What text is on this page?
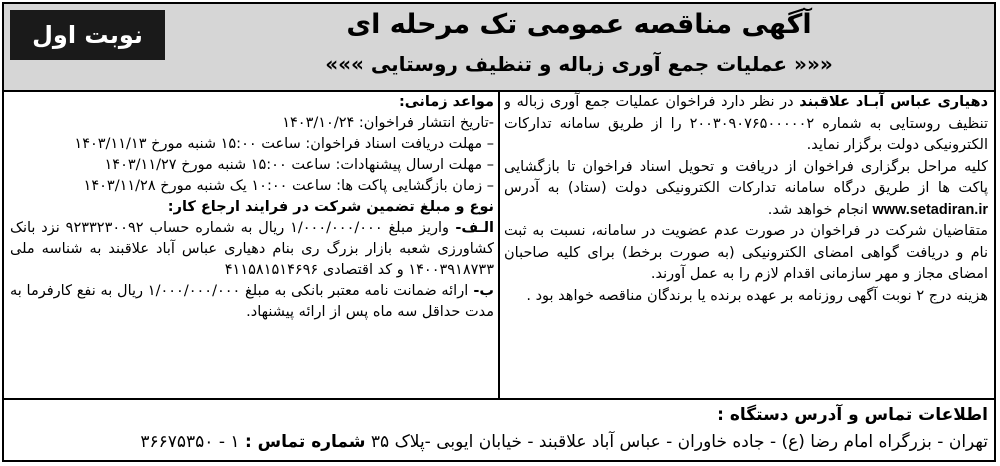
نوبت اول	آگهی مناقصه عمومی تک مرحله ای
««« عملیات جمع آوری زباله و تنظیف روستایی »»»

دهیاری عباس آبـاد علاقبند در نظر دارد فراخوان عملیات جمع آوری زباله و تنظیف روستایی به شماره ۲۰۰۳۰۹۰۷۶۵۰۰۰۰۰۲ را از طریق سامانه تدارکات الکترونیکی دولت برگزار نماید.

کلیه مراحل برگزاری فراخوان از دریافت و تحویل اسناد فراخوان تا بازگشایی پاکت ها از طریق درگاه سامانه تدارکات الکترونیکی دولت (ستاد) به آدرس www.setadiran.ir انجام خواهد شد.

متقاضیان شرکت در فراخوان در صورت عدم عضویت در سامانه، نسبت به ثبت نام و دریافت گواهی امضای الکترونیکی (به صورت برخط) برای کلیه صاحبان امضای مجاز و مهر سازمانی اقدام لازم را به عمل آورند.

هزینه درج ۲ نوبت آگهی روزنامه بر عهده برنده یا برندگان مناقصه خواهد بود .

مواعد زمانی:

-تاریخ انتشار فراخوان: ۱۴۰۳/۱۰/۲۴

– مهلت دریافت اسناد فراخوان: ساعت ۱۵:۰۰ شنبه مورخ ۱۴۰۳/۱۱/۱۳

– مهلت ارسال پیشنهادات: ساعت ۱۵:۰۰ شنبه مورخ ۱۴۰۳/۱۱/۲۷

– زمان بازگشایی پاکت ها: ساعت ۱۰:۰۰ یک شنبه مورخ ۱۴۰۳/۱۱/۲۸

نوع و مبلغ تضمین شرکت در فرایند ارجاع کار:

الـف- واریز مبلغ ۱/۰۰۰/۰۰۰/۰۰۰ ریال به شماره حساب ۹۲۳۳۲۳۰۰۹۲ نزد بانک کشاورزی شعبه بازار بزرگ ری بنام دهیاری عباس آباد علاقبند به شناسه ملی ۱۴۰۰۳۹۱۸۷۳۳ و کد اقتصادی ۴۱۱۵۸۱۵۱۴۶۹۶

ب- ارائه ضمانت نامه معتبر بانکی به مبلغ ۱/۰۰۰/۰۰۰/۰۰۰ ریال به نفع کارفرما به مدت حداقل سه ماه پس از ارائه پیشنهاد.

اطلاعات تماس و آدرس دستگاه :
تهران - بزرگراه امام رضا (ع) - جاده خاوران - عباس آباد علاقبند - خیابان ایوبی -پلاک ۳۵ شماره تماس : ۱ - ۳۶۶۷۵۳۵۰
